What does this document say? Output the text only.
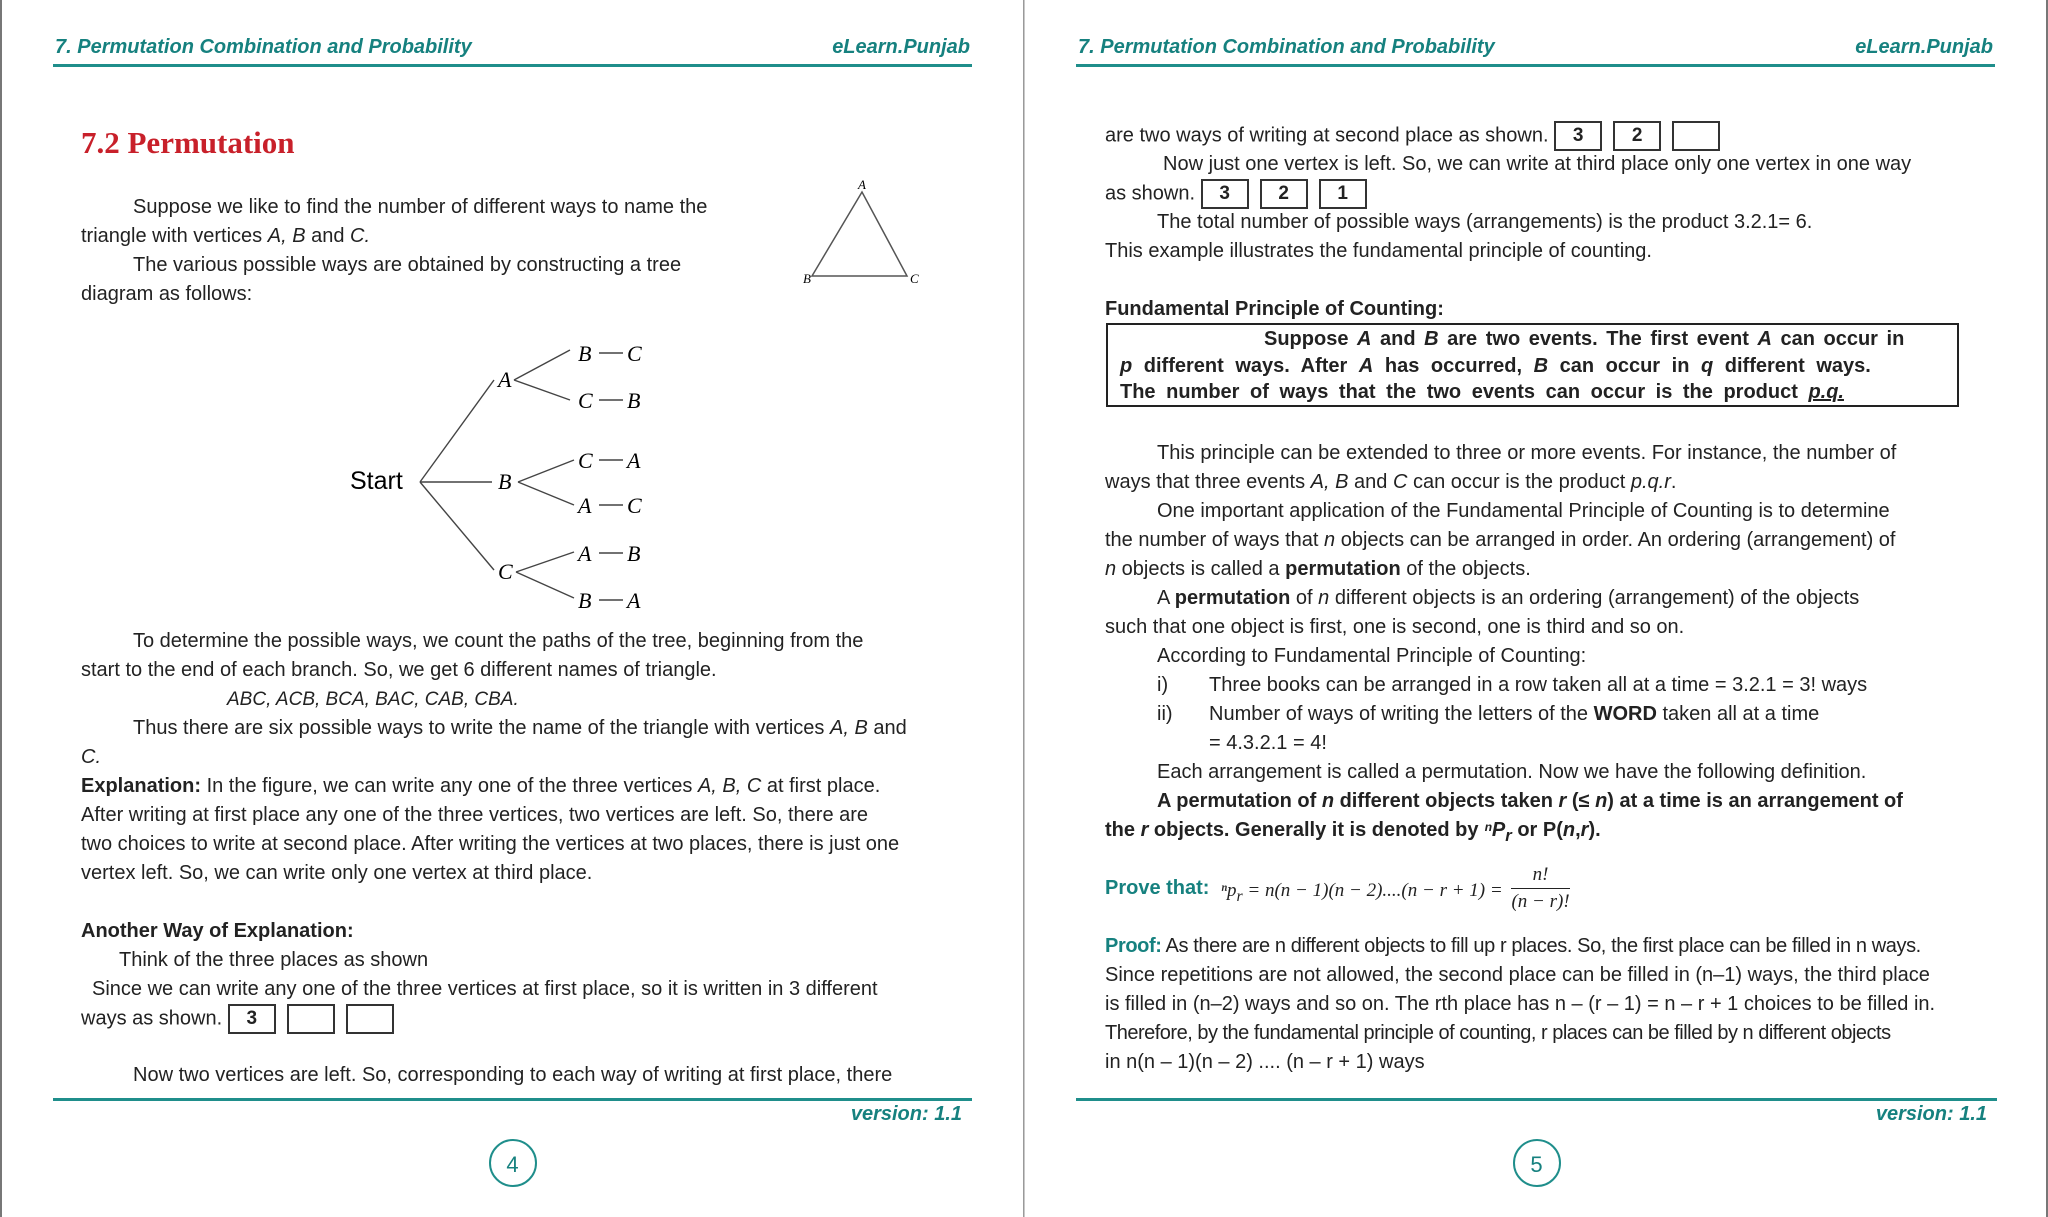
7. Permutation Combination and Probability	eLearn.Punjab
7.2 Permutation
Suppose we like to find the number of different ways to name the
triangle with vertices A, B and C.
The various possible ways are obtained by constructing a tree
diagram as follows:
A
B	C
Start
A
B
C
B C
C B
C A
A C
A B
B A
To determine the possible ways, we count the paths of the tree, beginning from the
start to the end of each branch. So, we get 6 different names of triangle.
ABC, ACB, BCA, BAC, CAB, CBA.
Thus there are six possible ways to write the name of the triangle with vertices A, B and
C.
Explanation: In the figure, we can write any one of the three vertices A, B, C at first place.
After writing at first place any one of the three vertices, two vertices are left. So, there are
two choices to write at second place. After writing the vertices at two places, there is just one
vertex left. So, we can write only one vertex at third place.
Another Way of Explanation:
Think of the three places as shown
Since we can write any one of the three vertices at first place, so it is written in 3 different
ways as shown. 3
Now two vertices are left. So, corresponding to each way of writing at first place, there
version: 1.1
4
7. Permutation Combination and Probability	eLearn.Punjab
are two ways of writing at second place as shown. 3	2
Now just one vertex is left. So, we can write at third place only one vertex in one way
as shown. 3	2	1
The total number of possible ways (arrangements) is the product 3.2.1= 6.
This example illustrates the fundamental principle of counting.
Fundamental Principle of Counting:
Suppose A and B are two events. The first event A can occur in
p different ways. After A has occurred, B can occur in q different ways.
The number of ways that the two events can occur is the product p.q.
This principle can be extended to three or more events. For instance, the number of
ways that three events A, B and C can occur is the product p.q.r.
One important application of the Fundamental Principle of Counting is to determine
the number of ways that n objects can be arranged in order. An ordering (arrangement) of
n objects is called a permutation of the objects.
A permutation of n different objects is an ordering (arrangement) of the objects
such that one object is first, one is second, one is third and so on.
According to Fundamental Principle of Counting:
i) Three books can be arranged in a row taken all at a time = 3.2.1 = 3! ways
ii) Number of ways of writing the letters of the WORD taken all at a time
= 4.3.2.1 = 4!
Each arrangement is called a permutation. Now we have the following definition.
A permutation of n different objects taken r (≤ n) at a time is an arrangement of
the r objects. Generally it is denoted by ⁿP$_r$ or P(n,r).
Prove that: $^np_r = n(n - 1)(n - 2)....(n - r + 1) = \frac{n!}{(n - r)!}$
Proof: As there are n different objects to fill up r places. So, the first place can be filled in n ways.
Since repetitions are not allowed, the second place can be filled in (n–1) ways, the third place
is filled in (n–2) ways and so on. The rth place has n – (r – 1) = n – r + 1 choices to be filled in.
Therefore, by the fundamental principle of counting, r places can be filled by n different objects
in n(n – 1)(n – 2) .... (n – r + 1) ways
version: 1.1
5
